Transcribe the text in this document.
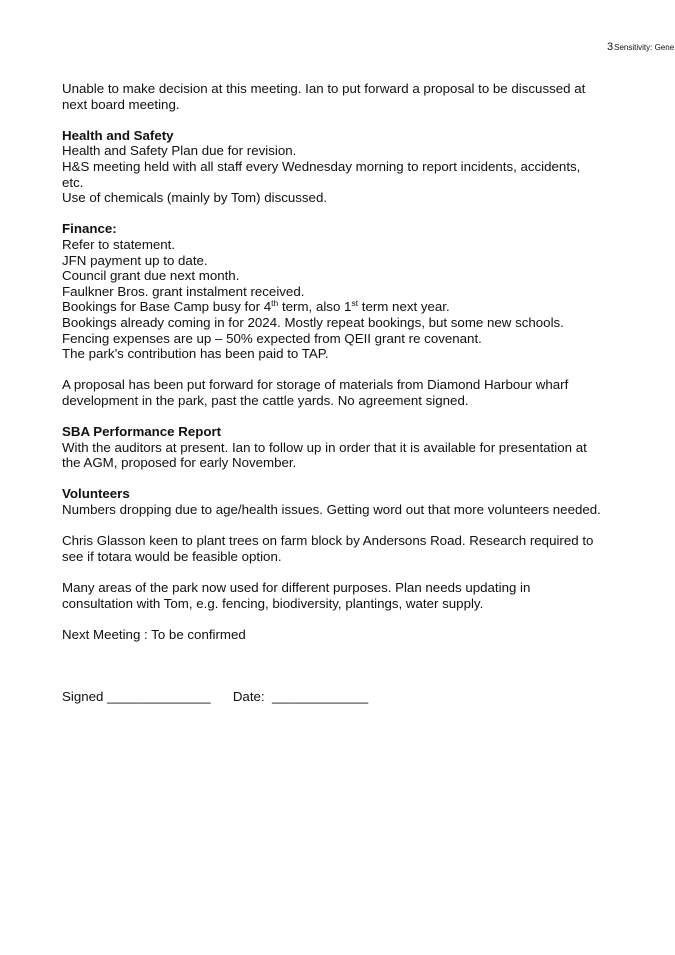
3Sensitivity: Gene
Unable to make decision at this meeting. Ian to put forward a proposal to be discussed at
next board meeting.
Health and Safety
Health and Safety Plan due for revision.
H&S meeting held with all staff every Wednesday morning to report incidents, accidents,
etc.
Use of chemicals (mainly by Tom) discussed.
Finance:
Refer to statement.
JFN payment up to date.
Council grant due next month.
Faulkner Bros. grant instalment received.
Bookings for Base Camp busy for 4th term, also 1st term next year.
Bookings already coming in for 2024. Mostly repeat bookings, but some new schools.
Fencing expenses are up – 50% expected from QEII grant re covenant.
The park’s contribution has been paid to TAP.
A proposal has been put forward for storage of materials from Diamond Harbour wharf
development in the park, past the cattle yards. No agreement signed.
SBA Performance Report
With the auditors at present. Ian to follow up in order that it is available for presentation at
the AGM, proposed for early November.
Volunteers
Numbers dropping due to age/health issues. Getting word out that more volunteers needed.
Chris Glasson keen to plant trees on farm block by Andersons Road. Research required to
see if totara would be feasible option.
Many areas of the park now used for different purposes. Plan needs updating in
consultation with Tom, e.g. fencing, biodiversity, plantings, water supply.
Next Meeting : To be confirmed
Signed ______________ Date: _____________
